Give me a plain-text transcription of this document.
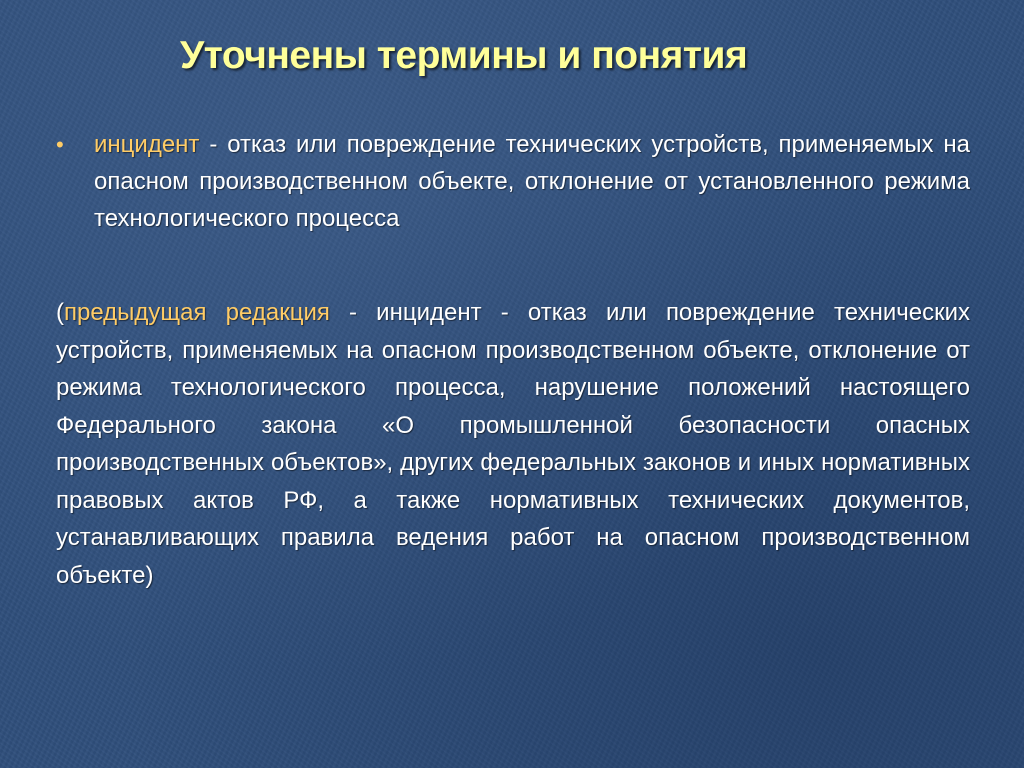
Уточнены термины и понятия
• инцидент - отказ или повреждение технических устройств, применяемых на опасном производственном объекте, отклонение от установленного режима технологического процесса
(предыдущая редакция - инцидент - отказ или повреждение технических устройств, применяемых на опасном производственном объекте, отклонение от режима технологического процесса, нарушение положений настоящего Федерального закона «О промышленной безопасности опасных производственных объектов», других федеральных законов и иных нормативных правовых актов РФ, а также нормативных технических документов, устанавливающих правила ведения работ на опасном производственном объекте)
